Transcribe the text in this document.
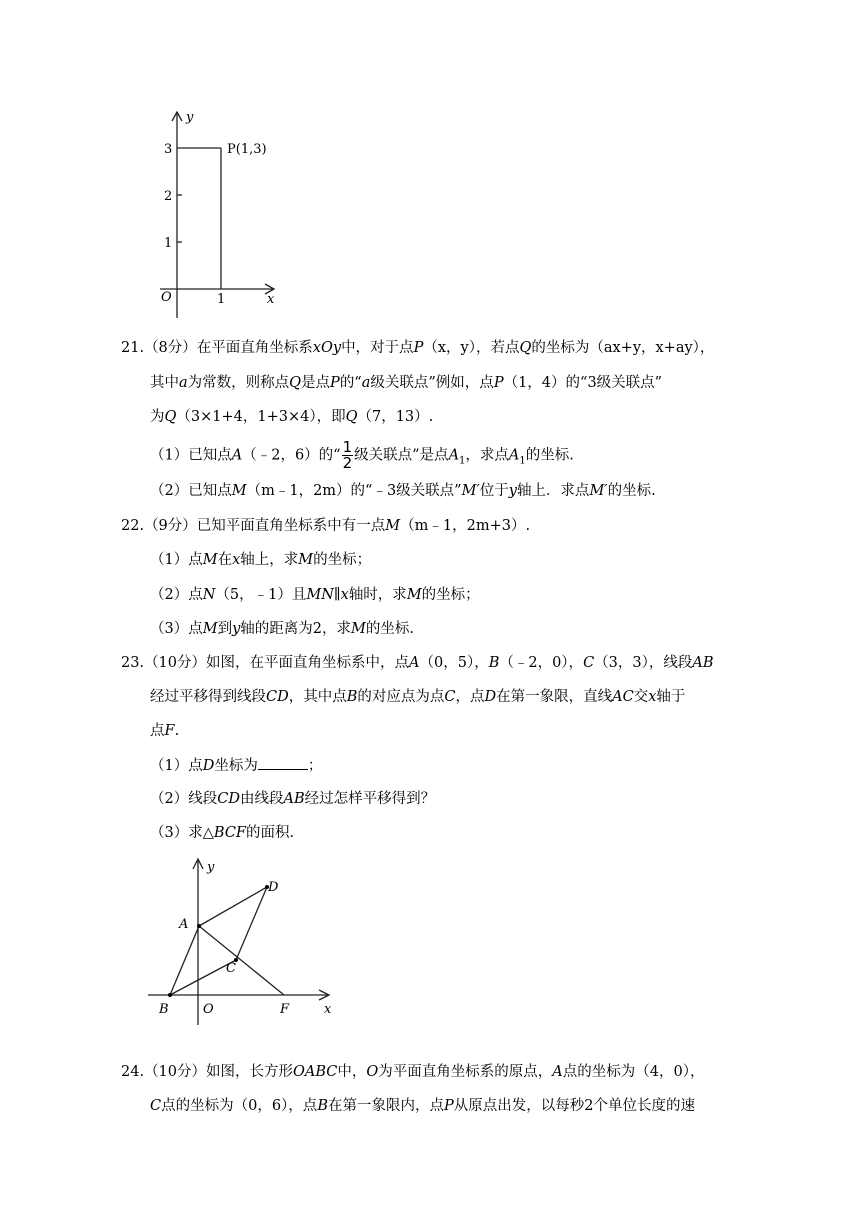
y
3
2
1
P(1,3)
O	1	x
21.（8分）在平面直角坐标系xOy中，对于点P（x，y），若点Q的坐标为（ax+y，x+ay），
其中a为常数，则称点Q是点P的“a级关联点”例如，点P（1，4）的“3级关联点”
为Q（3×1+4，1+3×4），即Q（7，13）.
（1）已知点A（﹣2，6）的“ $\frac{1}{2}$ 级关联点”是点$A_1$，求点$A_1$的坐标.
（2）已知点M（m﹣1，2m）的“﹣3级关联点”M′位于y轴上．求点M′的坐标.
22.（9分）已知平面直角坐标系中有一点M（m﹣1，2m+3）.
（1）点M在x轴上，求M的坐标；
（2）点N（5，﹣1）且MN∥x轴时，求M的坐标；
（3）点M到y轴的距离为2，求M的坐标.
23.（10分）如图，在平面直角坐标系中，点A（0，5），B（﹣2，0），C（3，3），线段AB
经过平移得到线段CD，其中点B的对应点为点C，点D在第一象限，直线AC交x轴于
点F.
（1）点D坐标为	；
（2）线段CD由线段AB经过怎样平移得到？
（3）求△BCF的面积.
y
D
A
C
B	O	F	x
24.（10分）如图，长方形OABC中，O为平面直角坐标系的原点，A点的坐标为（4，0），
C点的坐标为（0，6），点B在第一象限内，点P从原点出发，以每秒2个单位长度的速
